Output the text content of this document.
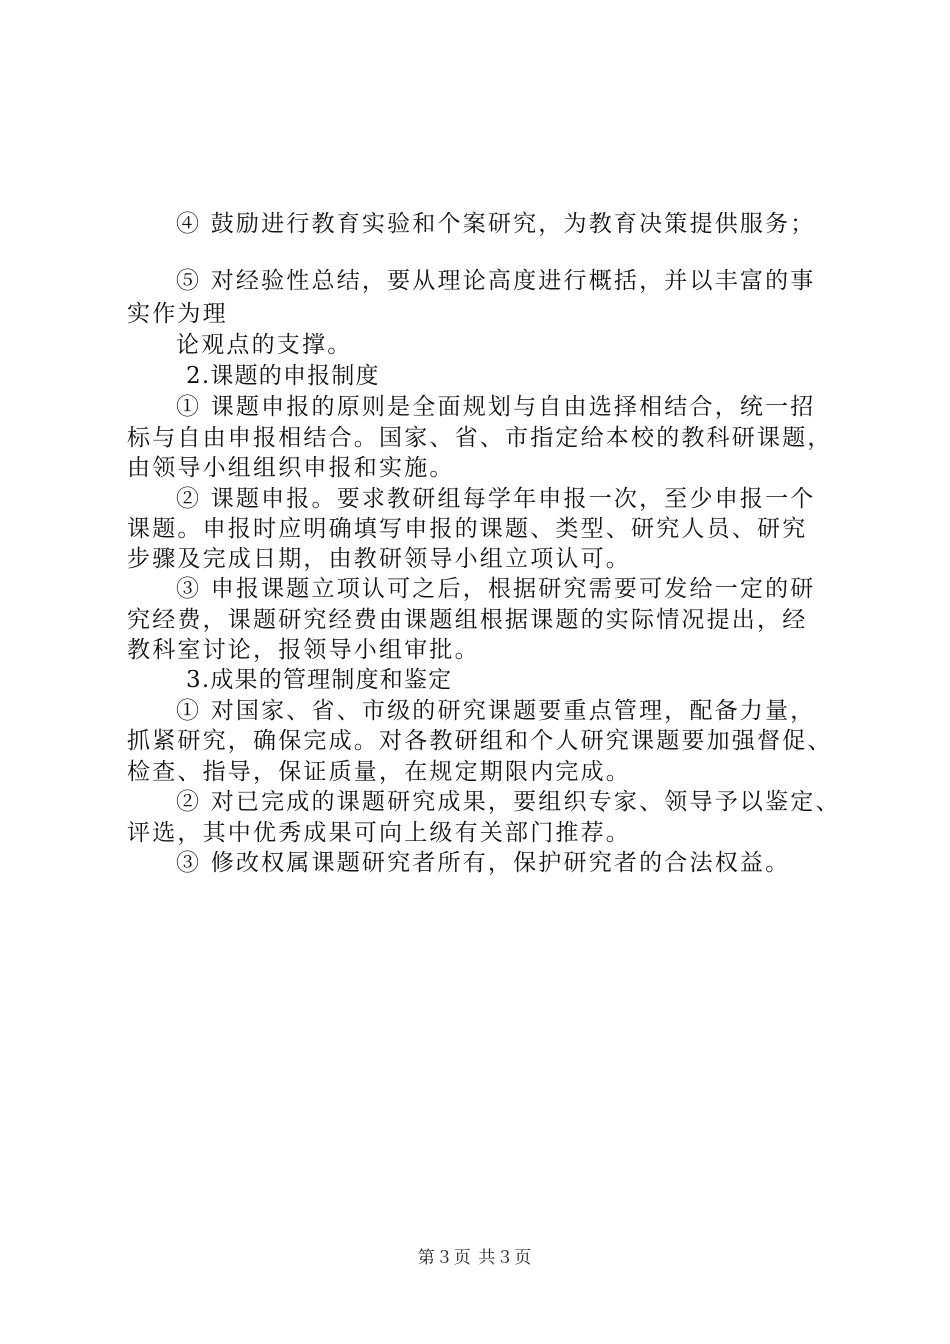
④ 鼓励进行教育实验和个案研究，为教育决策提供服务；
⑤ 对经验性总结，要从理论高度进行概括，并以丰富的事
实作为理
论观点的支撑。
2.课题的申报制度
① 课题申报的原则是全面规划与自由选择相结合，统一招
标与自由申报相结合。国家、省、市指定给本校的教科研课题，
由领导小组组织申报和实施。
② 课题申报。要求教研组每学年申报一次，至少申报一个
课题。申报时应明确填写申报的课题、类型、研究人员、研究
步骤及完成日期，由教研领导小组立项认可。
③ 申报课题立项认可之后，根据研究需要可发给一定的研
究经费，课题研究经费由课题组根据课题的实际情况提出，经
教科室讨论，报领导小组审批。
3.成果的管理制度和鉴定
① 对国家、省、市级的研究课题要重点管理，配备力量，
抓紧研究，确保完成。对各教研组和个人研究课题要加强督促、
检查、指导，保证质量，在规定期限内完成。
② 对已完成的课题研究成果，要组织专家、领导予以鉴定、
评选，其中优秀成果可向上级有关部门推荐。
③ 修改权属课题研究者所有，保护研究者的合法权益。
第３页 共３页
